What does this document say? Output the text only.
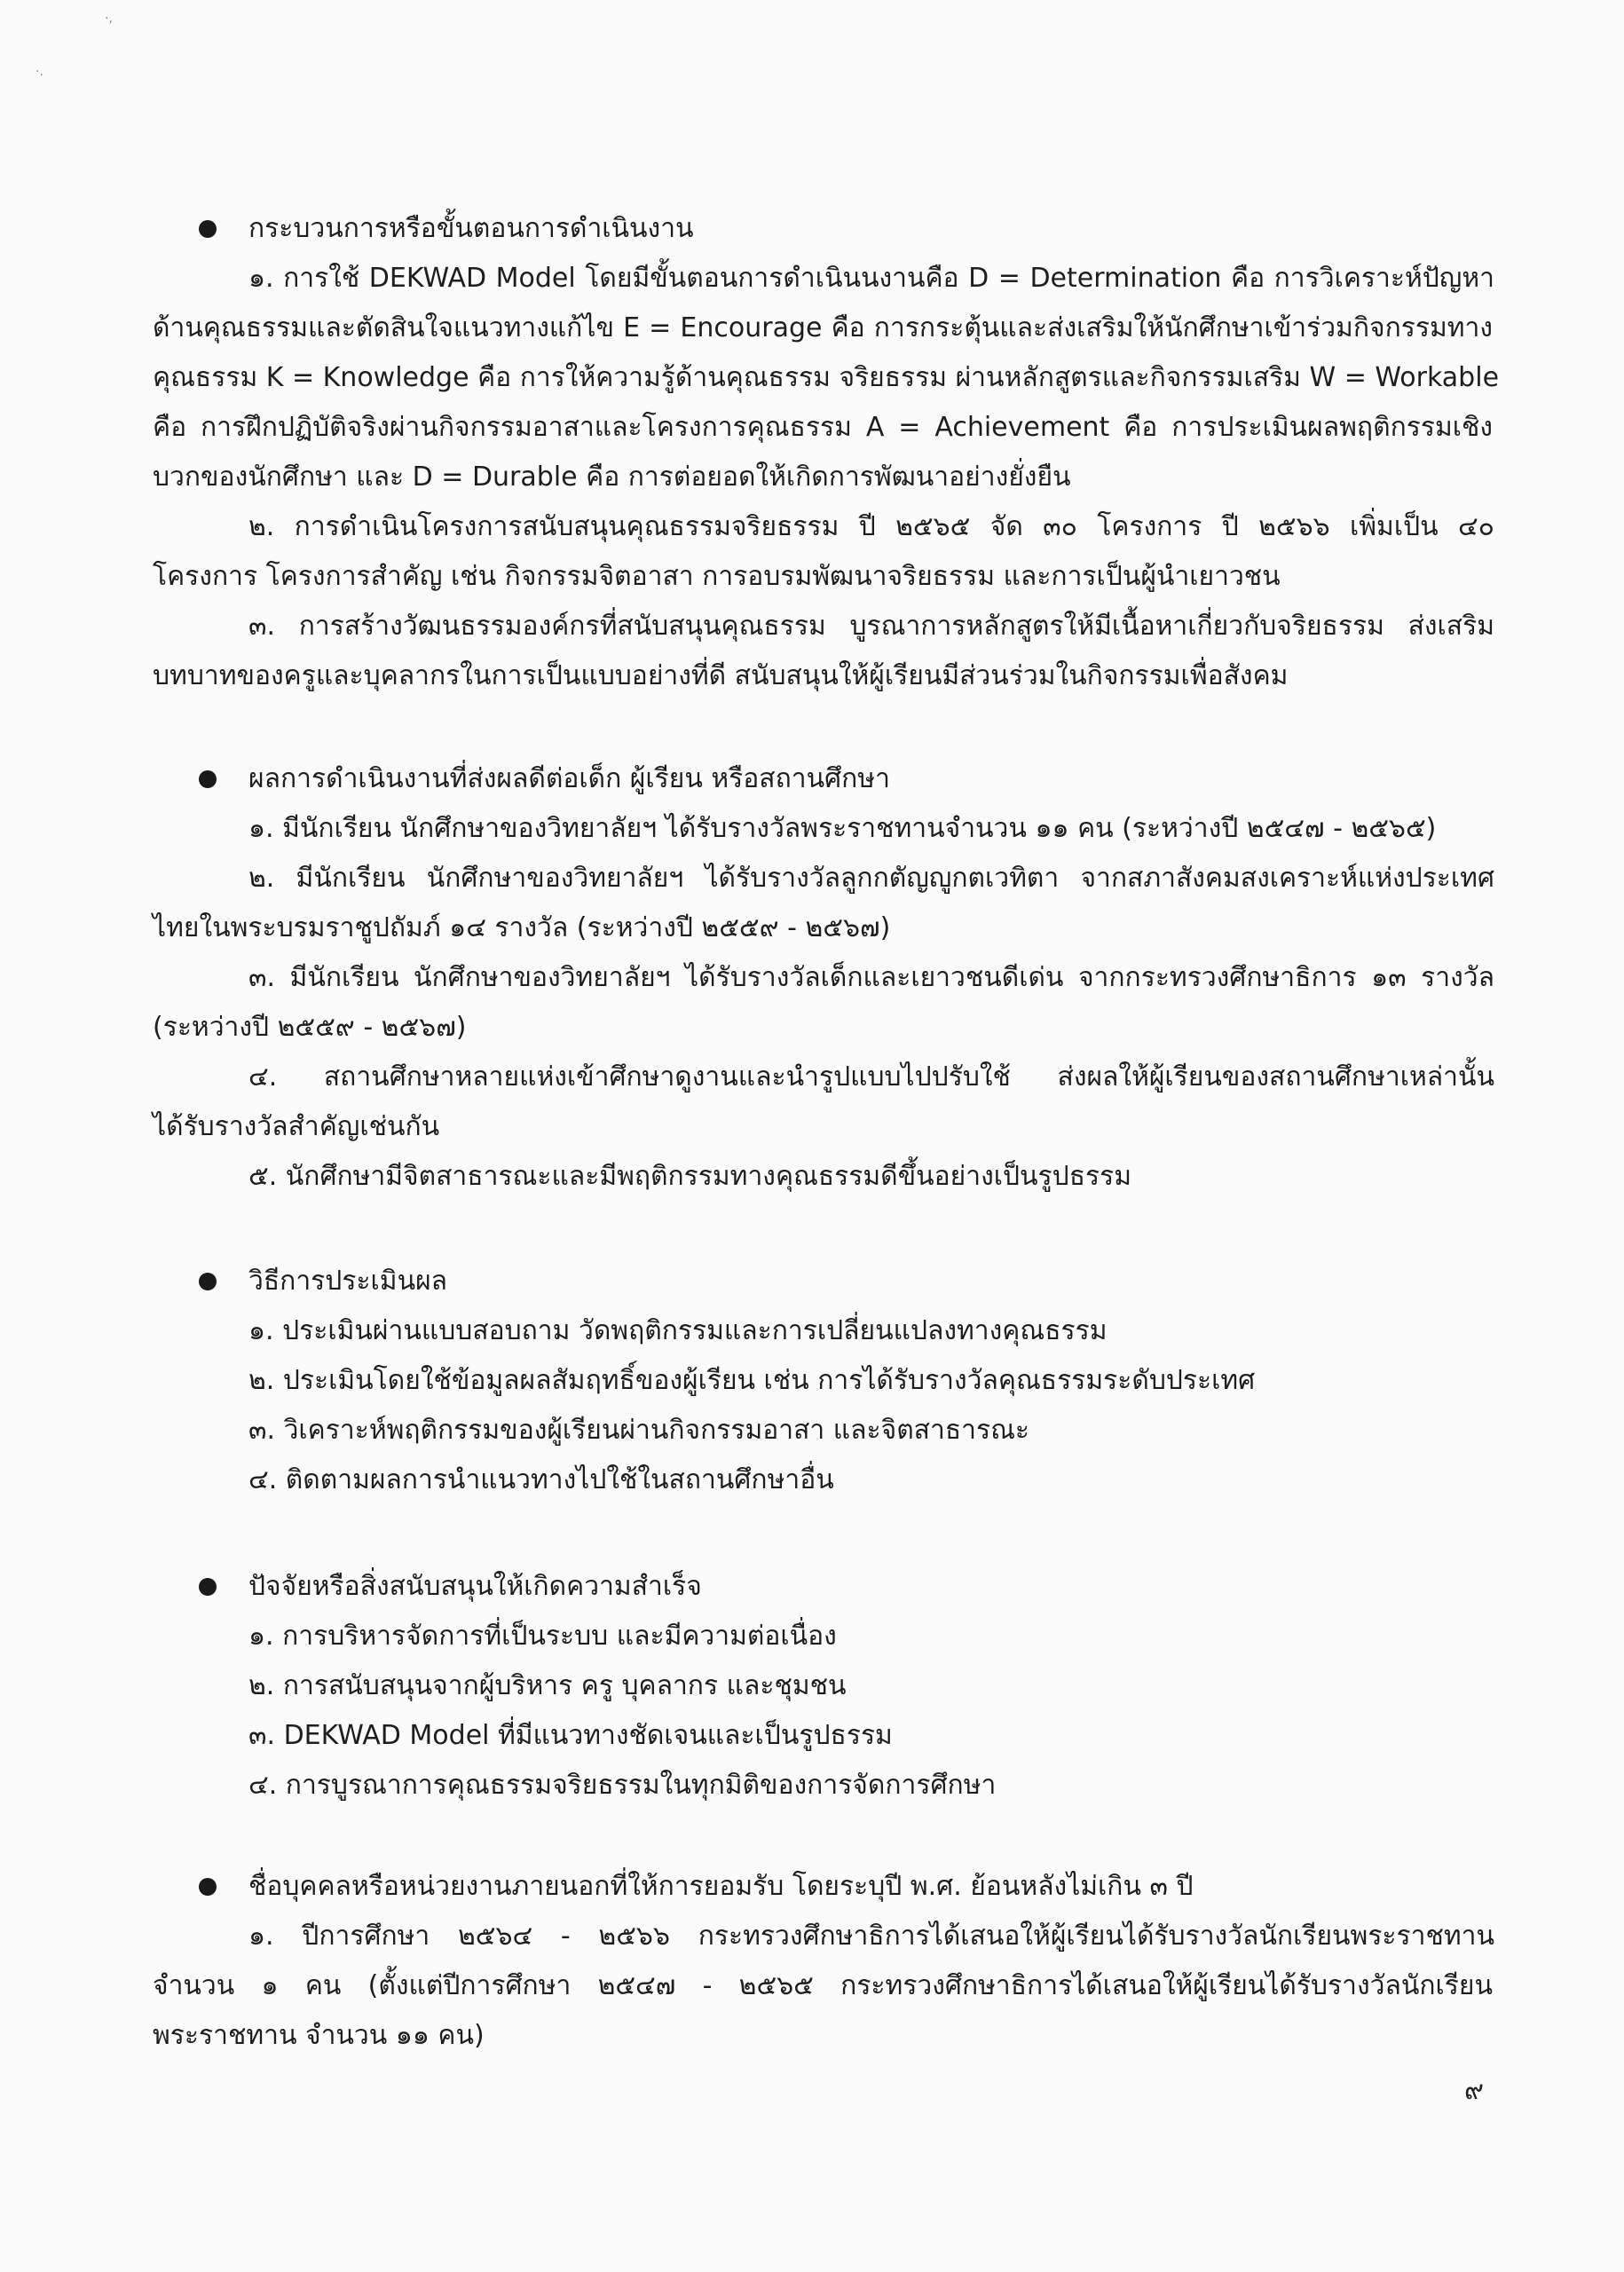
·,
·.
กระบวนการหรือขั้นตอนการดำเนินงาน
๑. การใช้ DEKWAD Model โดยมีขั้นตอนการดำเนินนงานคือ D = Determination คือ การวิเคราะห์ปัญหา
ด้านคุณธรรมและตัดสินใจแนวทางแก้ไข E = Encourage คือ การกระตุ้นและส่งเสริมให้นักศึกษาเข้าร่วมกิจกรรมทาง
คุณธรรม K = Knowledge คือ การให้ความรู้ด้านคุณธรรม จริยธรรม ผ่านหลักสูตรและกิจกรรมเสริม W = Workable
คือ การฝึกปฏิบัติจริงผ่านกิจกรรมอาสาและโครงการคุณธรรม A = Achievement คือ การประเมินผลพฤติกรรมเชิง
บวกของนักศึกษา และ D = Durable คือ การต่อยอดให้เกิดการพัฒนาอย่างยั่งยืน
๒. การดำเนินโครงการสนับสนุนคุณธรรมจริยธรรม ปี ๒๕๖๕ จัด ๓๐ โครงการ ปี ๒๕๖๖ เพิ่มเป็น ๔๐
โครงการ โครงการสำคัญ เช่น กิจกรรมจิตอาสา การอบรมพัฒนาจริยธรรม และการเป็นผู้นำเยาวชน
๓. การสร้างวัฒนธรรมองค์กรที่สนับสนุนคุณธรรม บูรณาการหลักสูตรให้มีเนื้อหาเกี่ยวกับจริยธรรม ส่งเสริม
บทบาทของครูและบุคลากรในการเป็นแบบอย่างที่ดี สนับสนุนให้ผู้เรียนมีส่วนร่วมในกิจกรรมเพื่อสังคม
ผลการดำเนินงานที่ส่งผลดีต่อเด็ก ผู้เรียน หรือสถานศึกษา
๑. มีนักเรียน นักศึกษาของวิทยาลัยฯ ได้รับรางวัลพระราชทานจำนวน ๑๑ คน (ระหว่างปี ๒๕๔๗ - ๒๕๖๕)
๒. มีนักเรียน นักศึกษาของวิทยาลัยฯ ได้รับรางวัลลูกกตัญญูกตเวทิตา จากสภาสังคมสงเคราะห์แห่งประเทศ
ไทยในพระบรมราชูปถัมภ์ ๑๔ รางวัล (ระหว่างปี ๒๕๕๙ - ๒๕๖๗)
๓. มีนักเรียน นักศึกษาของวิทยาลัยฯ ได้รับรางวัลเด็กและเยาวชนดีเด่น จากกระทรวงศึกษาธิการ ๑๓ รางวัล
(ระหว่างปี ๒๕๕๙ - ๒๕๖๗)
๔. สถานศึกษาหลายแห่งเข้าศึกษาดูงานและนำรูปแบบไปปรับใช้ ส่งผลให้ผู้เรียนของสถานศึกษาเหล่านั้น
ได้รับรางวัลสำคัญเช่นกัน
๕. นักศึกษามีจิตสาธารณะและมีพฤติกรรมทางคุณธรรมดีขึ้นอย่างเป็นรูปธรรม
วิธีการประเมินผล
๑. ประเมินผ่านแบบสอบถาม วัดพฤติกรรมและการเปลี่ยนแปลงทางคุณธรรม
๒. ประเมินโดยใช้ข้อมูลผลสัมฤทธิ์ของผู้เรียน เช่น การได้รับรางวัลคุณธรรมระดับประเทศ
๓. วิเคราะห์พฤติกรรมของผู้เรียนผ่านกิจกรรมอาสา และจิตสาธารณะ
๔. ติดตามผลการนำแนวทางไปใช้ในสถานศึกษาอื่น
ปัจจัยหรือสิ่งสนับสนุนให้เกิดความสำเร็จ
๑. การบริหารจัดการที่เป็นระบบ และมีความต่อเนื่อง
๒. การสนับสนุนจากผู้บริหาร ครู บุคลากร และชุมชน
๓. DEKWAD Model ที่มีแนวทางชัดเจนและเป็นรูปธรรม
๔. การบูรณาการคุณธรรมจริยธรรมในทุกมิติของการจัดการศึกษา
ชื่อบุคคลหรือหน่วยงานภายนอกที่ให้การยอมรับ โดยระบุปี พ.ศ. ย้อนหลังไม่เกิน ๓ ปี
๑. ปีการศึกษา ๒๕๖๔ - ๒๕๖๖ กระทรวงศึกษาธิการได้เสนอให้ผู้เรียนได้รับรางวัลนักเรียนพระราชทาน
จำนวน ๑ คน (ตั้งแต่ปีการศึกษา ๒๕๔๗ - ๒๕๖๕ กระทรวงศึกษาธิการได้เสนอให้ผู้เรียนได้รับรางวัลนักเรียน
พระราชทาน จำนวน ๑๑ คน)
๙
